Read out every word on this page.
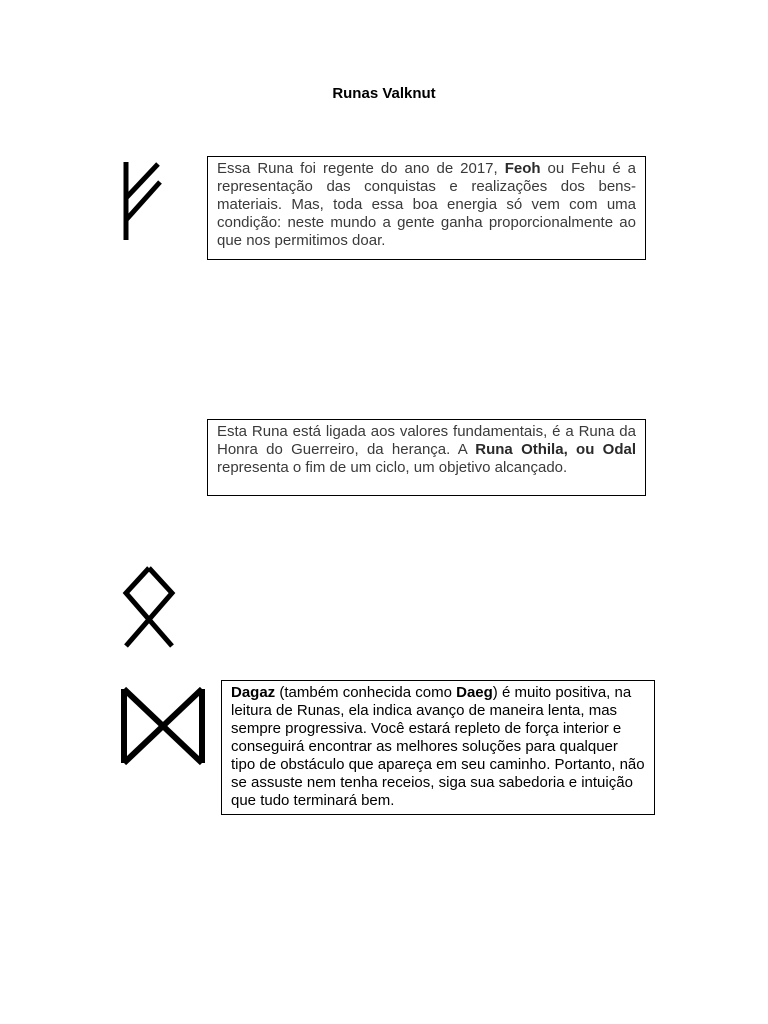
Runas Valknut
Essa Runa foi regente do ano de 2017, Feoh ou Fehu é a representação das conquistas e realizações dos bens-materiais. Mas, toda essa boa energia só vem com uma condição: neste mundo a gente ganha proporcionalmente ao que nos permitimos doar.
Esta Runa está ligada aos valores fundamentais, é a Runa da Honra do Guerreiro, da herança. A Runa Othila, ou Odal representa o fim de um ciclo, um objetivo alcançado.
Dagaz (também conhecida como Daeg) é muito positiva, na leitura de Runas, ela indica avanço de maneira lenta, mas sempre progressiva. Você estará repleto de força interior e conseguirá encontrar as melhores soluções para qualquer tipo de obstáculo que apareça em seu caminho. Portanto, não se assuste nem tenha receios, siga sua sabedoria e intuição que tudo terminará bem.
